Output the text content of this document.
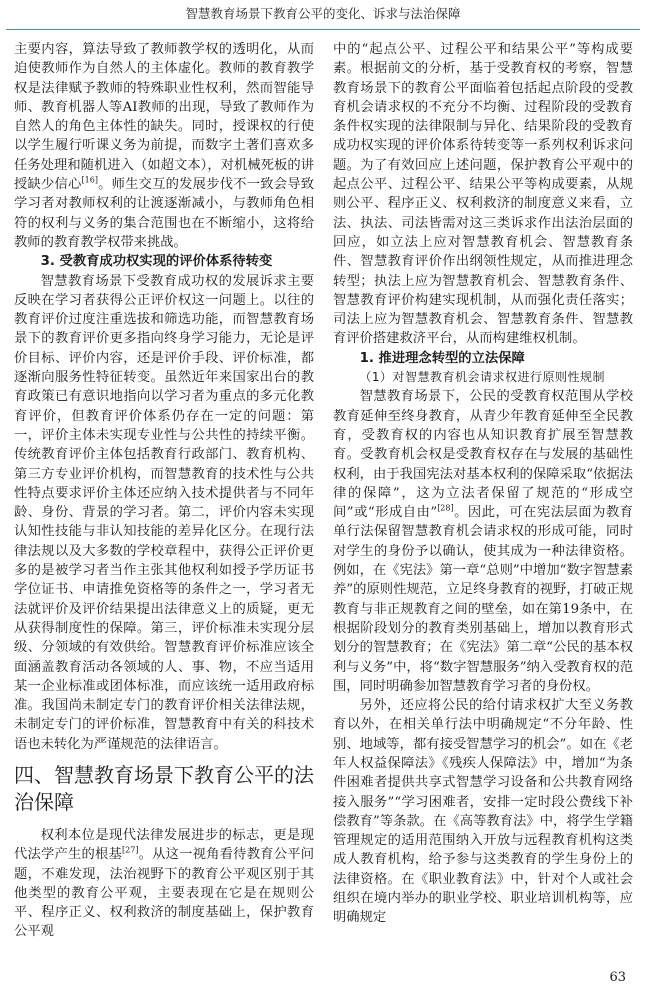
智慧教育场景下教育公平的变化、诉求与法治保障

主要内容，算法导致了教师教学权的透明化，从而迫使教师作为自然人的主体虚化。教师的教育教学权是法律赋予教师的特殊职业性权利，然而智能导师、教育机器人等AI教师的出现，导致了教师作为自然人的角色主体性的缺失。同时，授课权的行使以学生履行听课义务为前提，而数字土著们喜欢多任务处理和随机进入（如超文本），对机械死板的讲授缺少信心[16]。师生交互的发展步伐不一致会导致学习者对教师权利的让渡逐渐减小，与教师角色相符的权利与义务的集合范围也在不断缩小，这将给教师的教育教学权带来挑战。

3. 受教育成功权实现的评价体系待转变

智慧教育场景下受教育成功权的发展诉求主要反映在学习者获得公正评价权这一问题上。以往的教育评价过度注重选拔和筛选功能，而智慧教育场景下的教育评价更多指向终身学习能力，无论是评价目标、评价内容，还是评价手段、评价标准，都逐渐向服务性特征转变。虽然近年来国家出台的教育政策已有意识地指向以学习者为重点的多元化教育评价，但教育评价体系仍存在一定的问题：第一，评价主体未实现专业性与公共性的持续平衡。传统教育评价主体包括教育行政部门、教育机构、第三方专业评价机构，而智慧教育的技术性与公共性特点要求评价主体还应纳入技术提供者与不同年龄、身份、背景的学习者。第二，评价内容未实现认知性技能与非认知技能的差异化区分。在现行法律法规以及大多数的学校章程中，获得公正评价更多的是被学习者当作主张其他权利如授予学历证书学位证书、申请推免资格等的条件之一，学习者无法就评价及评价结果提出法律意义上的质疑，更无从获得制度性的保障。第三，评价标准未实现分层级、分领域的有效供给。智慧教育评价标准应该全面涵盖教育活动各领域的人、事、物，不应当适用某一企业标准或团体标准，而应该统一适用政府标准。我国尚未制定专门的教育评价相关法律法规，未制定专门的评价标准，智慧教育中有关的科技术语也未转化为严谨规范的法律语言。

四、智慧教育场景下教育公平的法治保障

权利本位是现代法律发展进步的标志，更是现代法学产生的根基[27]。从这一视角看待教育公平问题，不难发现，法治视野下的教育公平观区别于其他类型的教育公平观，主要表现在它是在规则公平、程序正义、权利救济的制度基础上，保护教育公平观

中的“起点公平、过程公平和结果公平”等构成要素。根据前文的分析，基于受教育权的考察，智慧教育场景下的教育公平面临着包括起点阶段的受教育机会请求权的不充分不均衡、过程阶段的受教育条件权实现的法律限制与异化、结果阶段的受教育成功权实现的评价体系待转变等一系列权利诉求问题。为了有效回应上述问题，保护教育公平观中的起点公平、过程公平、结果公平等构成要素，从规则公平、程序正义、权利救济的制度意义来看，立法、执法、司法皆需对这三类诉求作出法治层面的回应，如立法上应对智慧教育机会、智慧教育条件、智慧教育评价作出纲领性规定，从而推进理念转型；执法上应为智慧教育机会、智慧教育条件、智慧教育评价构建实现机制，从而强化责任落实；司法上应为智慧教育机会、智慧教育条件、智慧教育评价搭建救济平台，从而构建维权机制。

1. 推进理念转型的立法保障
（1）对智慧教育机会请求权进行原则性规制

智慧教育场景下，公民的受教育权范围从学校教育延伸至终身教育，从青少年教育延伸至全民教育，受教育权的内容也从知识教育扩展至智慧教育。受教育机会权是受教育权存在与发展的基础性权利，由于我国宪法对基本权利的保障采取“依据法律的保障”，这为立法者保留了规范的“形成空间”或“形成自由”[28]。因此，可在宪法层面为教育单行法保留智慧教育机会请求权的形成可能，同时对学生的身份予以确认，使其成为一种法律资格。例如，在《宪法》第一章“总则”中增加“数字智慧素养”的原则性规范，立足终身教育的视野，打破正规教育与非正规教育之间的壁垒，如在第19条中，在根据阶段划分的教育类别基础上，增加以教育形式划分的智慧教育；在《宪法》第二章“公民的基本权利与义务”中，将“数字智慧服务”纳入受教育权的范围，同时明确参加智慧教育学习者的身份权。

另外，还应将公民的给付请求权扩大至义务教育以外，在相关单行法中明确规定“不分年龄、性别、地域等，都有接受智慧学习的机会”。如在《老年人权益保障法》《残疾人保障法》中，增加“为条件困难者提供共享式智慧学习设备和公共教育网络接入服务”“学习困难者，安排一定时段公费线下补偿教育”等条款。在《高等教育法》中，将学生学籍管理规定的适用范围纳入开放与远程教育机构这类成人教育机构，给予参与这类教育的学生身份上的法律资格。在《职业教育法》中，针对个人或社会组织在境内举办的职业学校、职业培训机构等，应明确规定

63
